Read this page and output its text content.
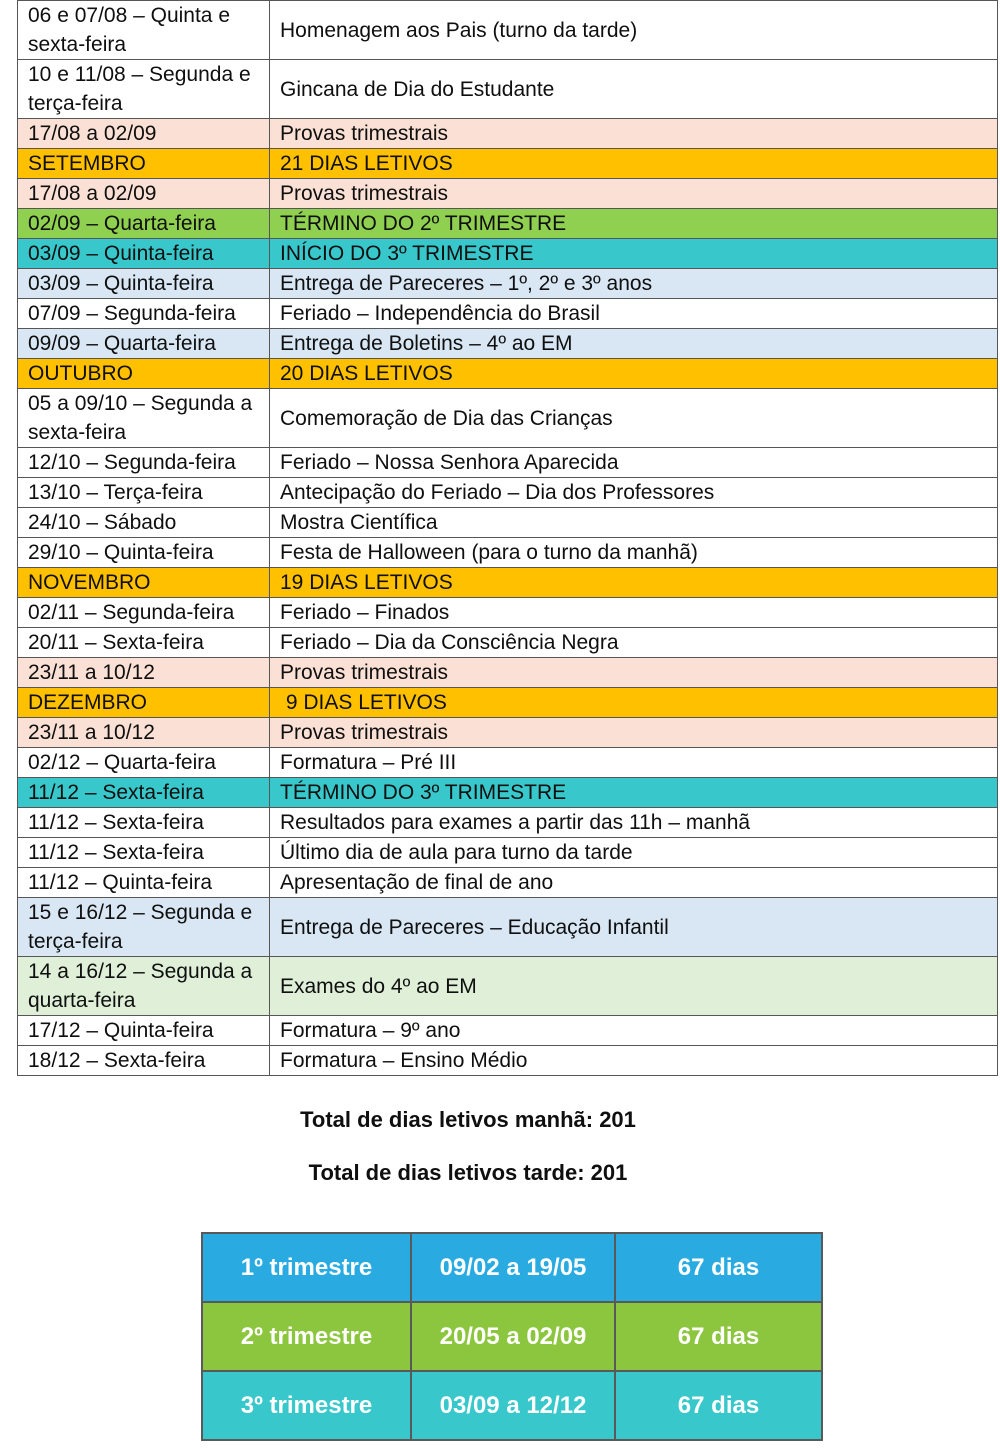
06 e 07/08 – Quinta e sexta-feira	Homenagem aos Pais (turno da tarde)
10 e 11/08 – Segunda e terça-feira	Gincana de Dia do Estudante
17/08 a 02/09	Provas trimestrais
SETEMBRO	21 DIAS LETIVOS
17/08 a 02/09	Provas trimestrais
02/09 – Quarta-feira	TÉRMINO DO 2º TRIMESTRE
03/09 – Quinta-feira	INÍCIO DO 3º TRIMESTRE
03/09 – Quinta-feira	Entrega de Pareceres – 1º, 2º e 3º anos
07/09 – Segunda-feira	Feriado – Independência do Brasil
09/09 – Quarta-feira	Entrega de Boletins – 4º ao EM
OUTUBRO	20 DIAS LETIVOS
05 a 09/10 – Segunda a sexta-feira	Comemoração de Dia das Crianças
12/10 – Segunda-feira	Feriado – Nossa Senhora Aparecida
13/10 – Terça-feira	Antecipação do Feriado – Dia dos Professores
24/10 – Sábado	Mostra Científica
29/10 – Quinta-feira	Festa de Halloween (para o turno da manhã)
NOVEMBRO	19 DIAS LETIVOS
02/11 – Segunda-feira	Feriado – Finados
20/11 – Sexta-feira	Feriado – Dia da Consciência Negra
23/11 a 10/12	Provas trimestrais
DEZEMBRO	9 DIAS LETIVOS
23/11 a 10/12	Provas trimestrais
02/12 – Quarta-feira	Formatura – Pré III
11/12 – Sexta-feira	TÉRMINO DO 3º TRIMESTRE
11/12 – Sexta-feira	Resultados para exames a partir das 11h – manhã
11/12 – Sexta-feira	Último dia de aula para turno da tarde
11/12 – Quinta-feira	Apresentação de final de ano
15 e 16/12 – Segunda e terça-feira	Entrega de Pareceres – Educação Infantil
14 a 16/12 – Segunda a quarta-feira	Exames do 4º ao EM
17/12 – Quinta-feira	Formatura – 9º ano
18/12 – Sexta-feira	Formatura – Ensino Médio
Total de dias letivos manhã: 201
Total de dias letivos tarde: 201
1º trimestre	09/02 a 19/05	67 dias
2º trimestre	20/05 a 02/09	67 dias
3º trimestre	03/09 a 12/12	67 dias
